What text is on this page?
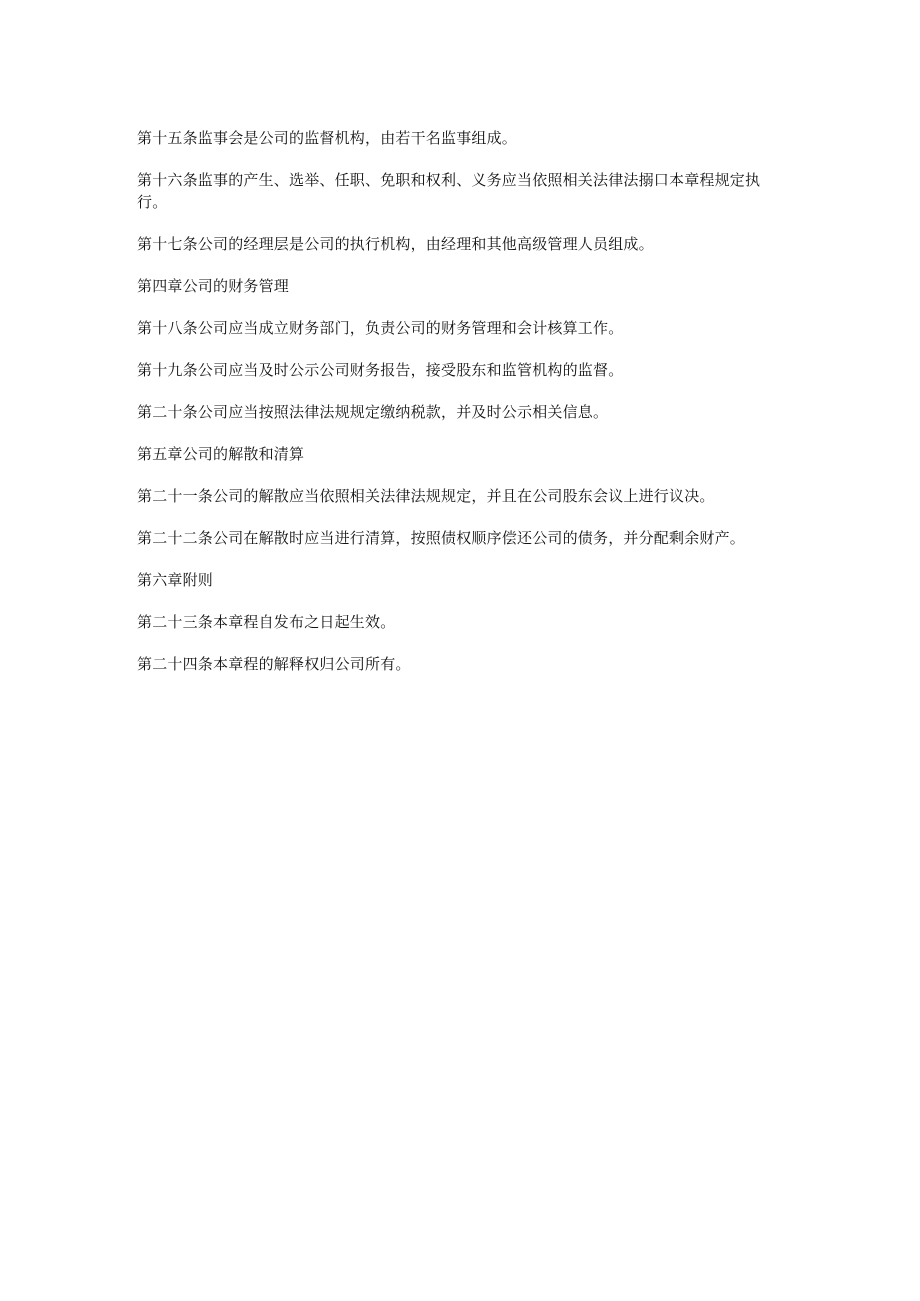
第十五条监事会是公司的监督机构，由若干名监事组成。

第十六条监事的产生、选举、任职、免职和权利、义务应当依照相关法律法搦口本章程规定执行。

第十七条公司的经理层是公司的执行机构，由经理和其他高级管理人员组成。

第四章公司的财务管理

第十八条公司应当成立财务部门，负责公司的财务管理和会计核算工作。

第十九条公司应当及时公示公司财务报告，接受股东和监管机构的监督。

第二十条公司应当按照法律法规规定缴纳税款，并及时公示相关信息。

第五章公司的解散和清算

第二十一条公司的解散应当依照相关法律法规规定，并且在公司股东会议上进行议决。

第二十二条公司在解散时应当进行清算，按照债权顺序偿还公司的债务，并分配剩余财产。

第六章附则

第二十三条本章程自发布之日起生效。

第二十四条本章程的解释权归公司所有。
